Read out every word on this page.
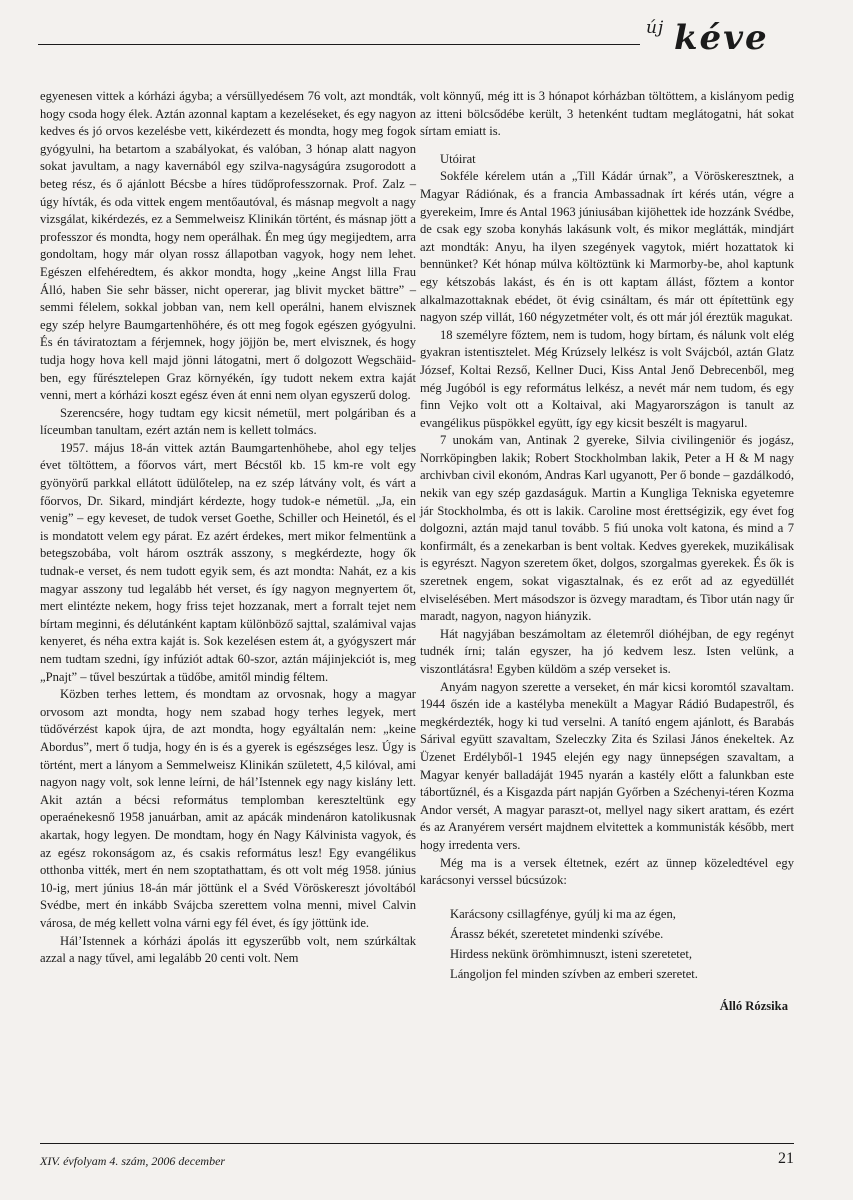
új kéve

egyenesen vittek a kórházi ágyba; a vérsüllyedésem 76 volt, azt mondták, hogy csoda hogy élek. Aztán azonnal kaptam a kezeléseket, és egy nagyon kedves és jó orvos kezelésbe vett, kikérdezett és mondta, hogy meg fogok gyógyulni, ha betartom a szabályokat, és valóban, 3 hónap alatt nagyon sokat javultam, a nagy kavernából egy szilva-nagyságúra zsugorodott a beteg rész, és ő ajánlott Bécsbe a híres tüdőprofesszornak. Prof. Zalz – úgy hívták, és oda vittek engem mentőautóval, és másnap megvolt a nagy vizsgálat, kikérdezés, ez a Semmelweisz Klinikán történt, és másnap jött a professzor és mondta, hogy nem operálhak. Én meg úgy megijedtem, arra gondoltam, hogy már olyan rossz állapotban vagyok, hogy nem lehet. Egészen elfehéredtem, és akkor mondta, hogy „keine Angst lilla Frau Álló, haben Sie sehr bässer, nicht opererar, jag blivit mycket bättre” – semmi félelem, sokkal jobban van, nem kell operálni, hanem elvisznek egy szép helyre Baumgartenhöhére, és ott meg fogok egészen gyógyulni. És én táviratoztam a férjemnek, hogy jöjjön be, mert elvisznek, és hogy tudja hogy hova kell majd jönni látogatni, mert ő dolgozott Wegschäid-ben, egy fűrésztelepen Graz környékén, így tudott nekem extra kaját venni, mert a kórházi koszt egész éven át enni nem olyan egyszerű dolog.

Szerencsére, hogy tudtam egy kicsit németül, mert polgáriban és a líceumban tanultam, ezért aztán nem is kellett tolmács.

1957. május 18-án vittek aztán Baumgartenhöhebe, ahol egy teljes évet töltöttem, a főorvos várt, mert Bécstől kb. 15 km-re volt egy gyönyörű parkkal ellátott üdülőtelep, na ez szép látvány volt, és várt a főorvos, Dr. Sikard, mindjárt kérdezte, hogy tudok-e németül. „Ja, ein venig” – egy keveset, de tudok verset Goethe, Schiller och Heinetól, és el is mondatott velem egy párat. Ez azért érdekes, mert mikor felmentünk a betegszobába, volt három osztrák asszony, s megkérdezte, hogy ők tudnak-e verset, és nem tudott egyik sem, és azt mondta: Nahát, ez a kis magyar asszony tud legalább hét verset, és így nagyon megnyertem őt, mert elintézte nekem, hogy friss tejet hozzanak, mert a forralt tejet nem bírtam meginni, és délutánként kaptam különböző sajttal, szalámival vajas kenyeret, és néha extra kaját is. Sok kezelésen estem át, a gyógyszert már nem tudtam szedni, így infúziót adtak 60-szor, aztán májinjekciót is, meg „Pnajt” – tűvel beszúrtak a tüdőbe, amitől mindig féltem.

Közben terhes lettem, és mondtam az orvosnak, hogy a magyar orvosom azt mondta, hogy nem szabad hogy terhes legyek, mert tüdővérzést kapok újra, de azt mondta, hogy egyáltalán nem: „keine Abordus”, mert ő tudja, hogy én is és a gyerek is egészséges lesz. Úgy is történt, mert a lányom a Semmelweisz Klinikán született, 4,5 kilóval, ami nagyon nagy volt, sok lenne leírni, de hál’Istennek egy nagy kislány lett. Akit aztán a bécsi református templomban kereszteltünk egy operaénekesnő 1958 januárban, amit az apácák mindenáron katolikusnak akartak, hogy legyen. De mondtam, hogy én Nagy Kálvinista vagyok, és az egész rokonságom az, és csakis református lesz! Egy evangélikus otthonba vitték, mert én nem szoptathattam, és ott volt még 1958. június 10-ig, mert június 18-án már jöttünk el a Svéd Vöröskereszt jóvoltából Svédbe, mert én inkább Svájcba szerettem volna menni, mivel Calvin városa, de még kellett volna várni egy fél évet, és így jöttünk ide.

Hál’Istennek a kórházi ápolás itt egyszerűbb volt, nem szúrkáltak azzal a nagy tűvel, ami legalább 20 centi volt. Nem

volt könnyű, még itt is 3 hónapot kórházban töltöttem, a kislányom pedig az itteni bölcsődébe került, 3 hetenként tudtam meglátogatni, hát sokat sírtam emiatt is.

Utóirat

Sokféle kérelem után a „Till Kádár úrnak”, a Vöröskeresztnek, a Magyar Rádiónak, és a francia Ambassadnak írt kérés után, végre a gyerekeim, Imre és Antal 1963 júniusában kijöhettek ide hozzánk Svédbe, de csak egy szoba konyhás lakásunk volt, és mikor meglátták, mindjárt azt mondták: Anyu, ha ilyen szegények vagytok, miért hozattatok ki bennünket? Két hónap múlva költöztünk ki Marmorby-be, ahol kaptunk egy kétszobás lakást, és én is ott kaptam állást, főztem a kontor alkalmazottaknak ebédet, öt évig csináltam, és már ott építettünk egy nagyon szép villát, 160 négyzetméter volt, és ott már jól éreztük magukat.

18 személyre főztem, nem is tudom, hogy bírtam, és nálunk volt elég gyakran istentisztelet. Még Krúzsely lelkész is volt Svájcból, aztán Glatz József, Koltai Rezső, Kellner Duci, Kiss Antal Jenő Debrecenből, meg még Jugóból is egy református lelkész, a nevét már nem tudom, és egy finn Vejko volt ott a Koltaival, aki Magyarországon is tanult az evangélikus püspökkel együtt, így egy kicsit beszélt is magyarul.

7 unokám van, Antinak 2 gyereke, Silvia civilingeniör és jogász, Norrköpingben lakik; Robert Stockholmban lakik, Peter a H & M nagy archivban civil ekonóm, Andras Karl ugyanott, Per ő bonde – gazdálkodó, nekik van egy szép gazdaságuk. Martin a Kungliga Tekniska egyetemre jár Stockholmba, és ott is lakik. Caroline most érettségizik, egy évet fog dolgozni, aztán majd tanul tovább. 5 fiú unoka volt katona, és mind a 7 konfirmált, és a zenekarban is bent voltak. Kedves gyerekek, muzikálisak is egyrészt. Nagyon szeretem őket, dolgos, szorgalmas gyerekek. És ők is szeretnek engem, sokat vigasztalnak, és ez erőt ad az egyedüllét elviselésében. Mert másodszor is özvegy maradtam, és Tibor után nagy űr maradt, nagyon, nagyon hiányzik.

Hát nagyjában beszámoltam az életemről dióhéjban, de egy regényt tudnék írni; talán egyszer, ha jó kedvem lesz. Isten velünk, a viszontlátásra! Egyben küldöm a szép verseket is.

Anyám nagyon szerette a verseket, én már kicsi koromtól szavaltam. 1944 őszén ide a kastélyba menekült a Magyar Rádió Budapestről, és megkérdezték, hogy ki tud verselni. A tanító engem ajánlott, és Barabás Sárival együtt szavaltam, Szeleczky Zita és Szilasi János énekeltek. Az Üzenet Erdélyből-1 1945 elején egy nagy ünnepségen szavaltam, a Magyar kenyér balladáját 1945 nyarán a kastély előtt a falunkban este tábortűznél, és a Kisgazda párt napján Győrben a Széchenyi-téren Kozma Andor versét, A magyar paraszt-ot, mellyel nagy sikert arattam, és ezért és az Aranyérem versért majdnem elvitettek a kommunisták később, mert hogy irredenta vers.

Még ma is a versek éltetnek, ezért az ünnep közeledtével egy karácsonyi verssel búcsúzok:

Karácsony csillagfénye, gyúlj ki ma az égen,
Árassz békét, szeretetet mindenki szívébe.
Hirdess nekünk örömhimnuszt, isteni szeretetet,
Lángoljon fel minden szívben az emberi szeretet.
Álló Rózsika
XIV. évfolyam 4. szám, 2006 december	21
